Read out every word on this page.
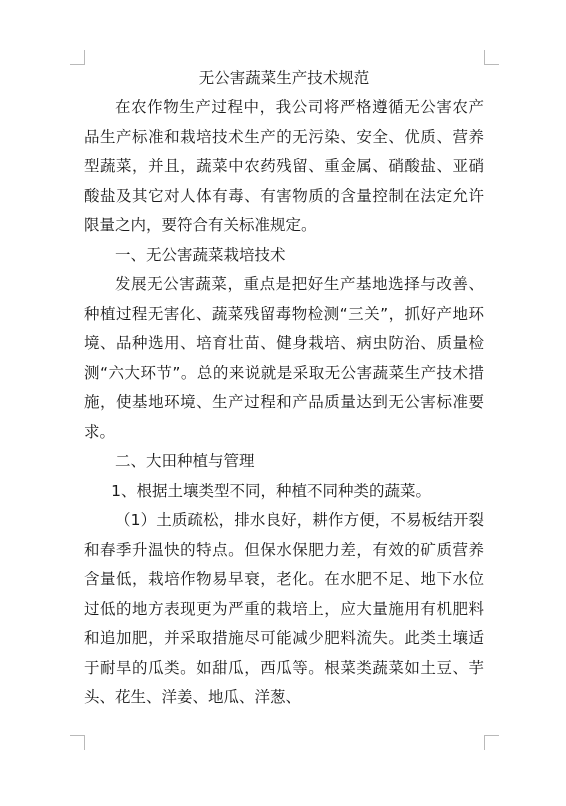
无公害蔬菜生产技术规范

在农作物生产过程中，我公司将严格遵循无公害农产品生产标准和栽培技术生产的无污染、安全、优质、营养型蔬菜，并且，蔬菜中农药残留、重金属、硝酸盐、亚硝酸盐及其它对人体有毒、有害物质的含量控制在法定允许限量之内，要符合有关标准规定。

一、无公害蔬菜栽培技术

发展无公害蔬菜，重点是把好生产基地选择与改善、种植过程无害化、蔬菜残留毒物检测“三关”，抓好产地环境、品种选用、培育壮苗、健身栽培、病虫防治、质量检测“六大环节”。总的来说就是采取无公害蔬菜生产技术措施，使基地环境、生产过程和产品质量达到无公害标准要求。

二、大田种植与管理

1、根据土壤类型不同，种植不同种类的蔬菜。

（1）土质疏松，排水良好，耕作方便，不易板结开裂和春季升温快的特点。但保水保肥力差，有效的矿质营养含量低，栽培作物易早衰，老化。在水肥不足、地下水位过低的地方表现更为严重的栽培上，应大量施用有机肥料和追加肥，并采取措施尽可能减少肥料流失。此类土壤适于耐旱的瓜类。如甜瓜，西瓜等。根菜类蔬菜如土豆、芋头、花生、洋姜、地瓜、洋葱、
